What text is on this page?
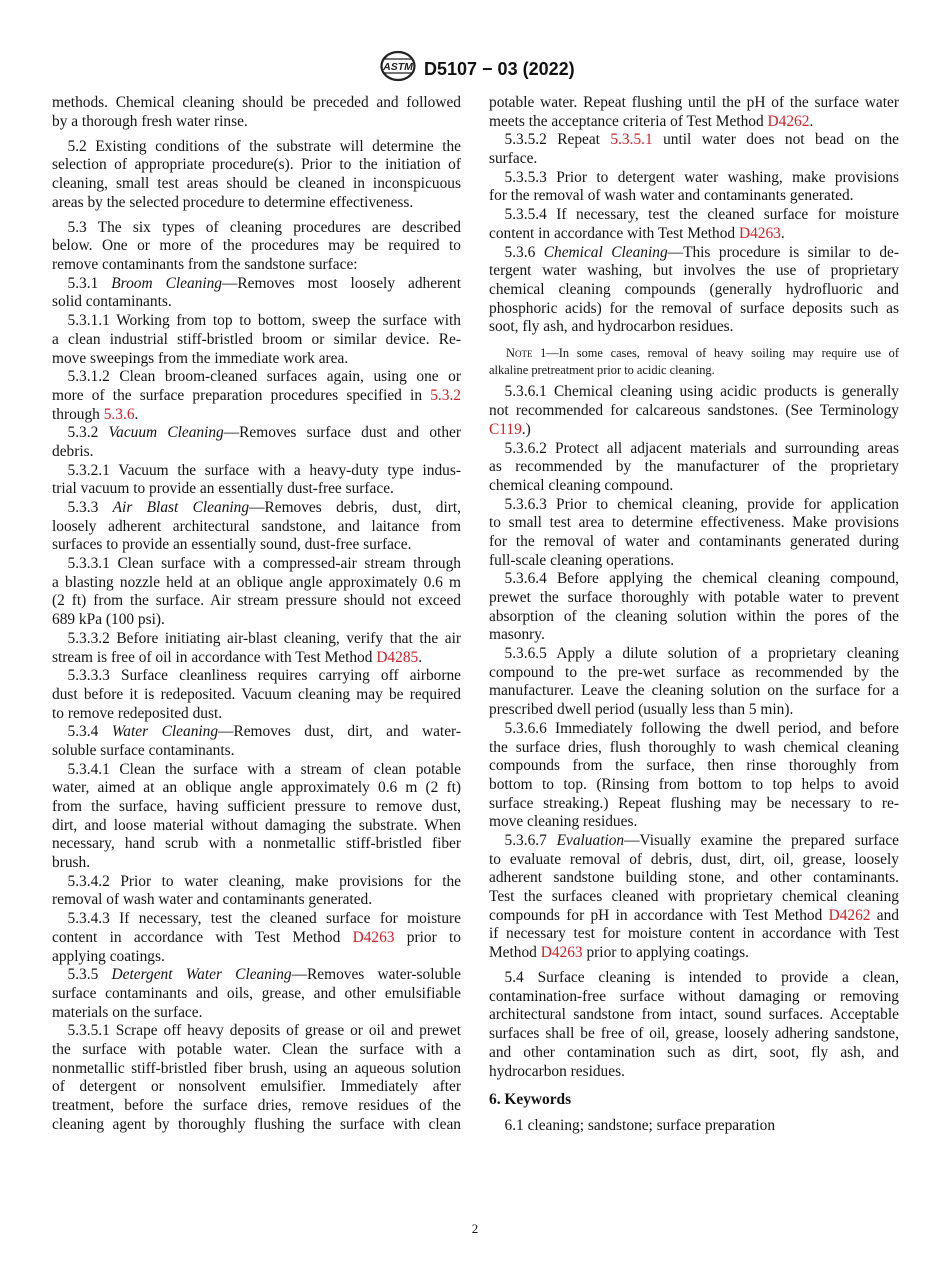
ASTM D5107 − 03 (2022)
methods. Chemical cleaning should be preceded and followed
by a thorough fresh water rinse.
5.2 Existing conditions of the substrate will determine the
selection of appropriate procedure(s). Prior to the initiation of
cleaning, small test areas should be cleaned in inconspicuous
areas by the selected procedure to determine effectiveness.
5.3 The six types of cleaning procedures are described
below. One or more of the procedures may be required to
remove contaminants from the sandstone surface:
5.3.1 Broom Cleaning—Removes most loosely adherent
solid contaminants.
5.3.1.1 Working from top to bottom, sweep the surface with
a clean industrial stiff-bristled broom or similar device. Re-
move sweepings from the immediate work area.
5.3.1.2 Clean broom-cleaned surfaces again, using one or
more of the surface preparation procedures specified in 5.3.2
through 5.3.6.
5.3.2 Vacuum Cleaning—Removes surface dust and other
debris.
5.3.2.1 Vacuum the surface with a heavy-duty type indus-
trial vacuum to provide an essentially dust-free surface.
5.3.3 Air Blast Cleaning—Removes debris, dust, dirt,
loosely adherent architectural sandstone, and laitance from
surfaces to provide an essentially sound, dust-free surface.
5.3.3.1 Clean surface with a compressed-air stream through
a blasting nozzle held at an oblique angle approximately 0.6 m
(2 ft) from the surface. Air stream pressure should not exceed
689 kPa (100 psi).
5.3.3.2 Before initiating air-blast cleaning, verify that the air
stream is free of oil in accordance with Test Method D4285.
5.3.3.3 Surface cleanliness requires carrying off airborne
dust before it is redeposited. Vacuum cleaning may be required
to remove redeposited dust.
5.3.4 Water Cleaning—Removes dust, dirt, and water-
soluble surface contaminants.
5.3.4.1 Clean the surface with a stream of clean potable
water, aimed at an oblique angle approximately 0.6 m (2 ft)
from the surface, having sufficient pressure to remove dust,
dirt, and loose material without damaging the substrate. When
necessary, hand scrub with a nonmetallic stiff-bristled fiber
brush.
5.3.4.2 Prior to water cleaning, make provisions for the
removal of wash water and contaminants generated.
5.3.4.3 If necessary, test the cleaned surface for moisture
content in accordance with Test Method D4263 prior to
applying coatings.
5.3.5 Detergent Water Cleaning—Removes water-soluble
surface contaminants and oils, grease, and other emulsifiable
materials on the surface.
5.3.5.1 Scrape off heavy deposits of grease or oil and prewet
the surface with potable water. Clean the surface with a
nonmetallic stiff-bristled fiber brush, using an aqueous solution
of detergent or nonsolvent emulsifier. Immediately after
treatment, before the surface dries, remove residues of the
cleaning agent by thoroughly flushing the surface with clean
potable water. Repeat flushing until the pH of the surface water
meets the acceptance criteria of Test Method D4262.
5.3.5.2 Repeat 5.3.5.1 until water does not bead on the
surface.
5.3.5.3 Prior to detergent water washing, make provisions
for the removal of wash water and contaminants generated.
5.3.5.4 If necessary, test the cleaned surface for moisture
content in accordance with Test Method D4263.
5.3.6 Chemical Cleaning—This procedure is similar to de-
tergent water washing, but involves the use of proprietary
chemical cleaning compounds (generally hydrofluoric and
phosphoric acids) for the removal of surface deposits such as
soot, fly ash, and hydrocarbon residues.
Note 1—In some cases, removal of heavy soiling may require use of
alkaline pretreatment prior to acidic cleaning.
5.3.6.1 Chemical cleaning using acidic products is generally
not recommended for calcareous sandstones. (See Terminology
C119.)
5.3.6.2 Protect all adjacent materials and surrounding areas
as recommended by the manufacturer of the proprietary
chemical cleaning compound.
5.3.6.3 Prior to chemical cleaning, provide for application
to small test area to determine effectiveness. Make provisions
for the removal of water and contaminants generated during
full-scale cleaning operations.
5.3.6.4 Before applying the chemical cleaning compound,
prewet the surface thoroughly with potable water to prevent
absorption of the cleaning solution within the pores of the
masonry.
5.3.6.5 Apply a dilute solution of a proprietary cleaning
compound to the pre-wet surface as recommended by the
manufacturer. Leave the cleaning solution on the surface for a
prescribed dwell period (usually less than 5 min).
5.3.6.6 Immediately following the dwell period, and before
the surface dries, flush thoroughly to wash chemical cleaning
compounds from the surface, then rinse thoroughly from
bottom to top. (Rinsing from bottom to top helps to avoid
surface streaking.) Repeat flushing may be necessary to re-
move cleaning residues.
5.3.6.7 Evaluation—Visually examine the prepared surface
to evaluate removal of debris, dust, dirt, oil, grease, loosely
adherent sandstone building stone, and other contaminants.
Test the surfaces cleaned with proprietary chemical cleaning
compounds for pH in accordance with Test Method D4262 and
if necessary test for moisture content in accordance with Test
Method D4263 prior to applying coatings.
5.4 Surface cleaning is intended to provide a clean,
contamination-free surface without damaging or removing
architectural sandstone from intact, sound surfaces. Acceptable
surfaces shall be free of oil, grease, loosely adhering sandstone,
and other contamination such as dirt, soot, fly ash, and
hydrocarbon residues.
6. Keywords
6.1 cleaning; sandstone; surface preparation
2
